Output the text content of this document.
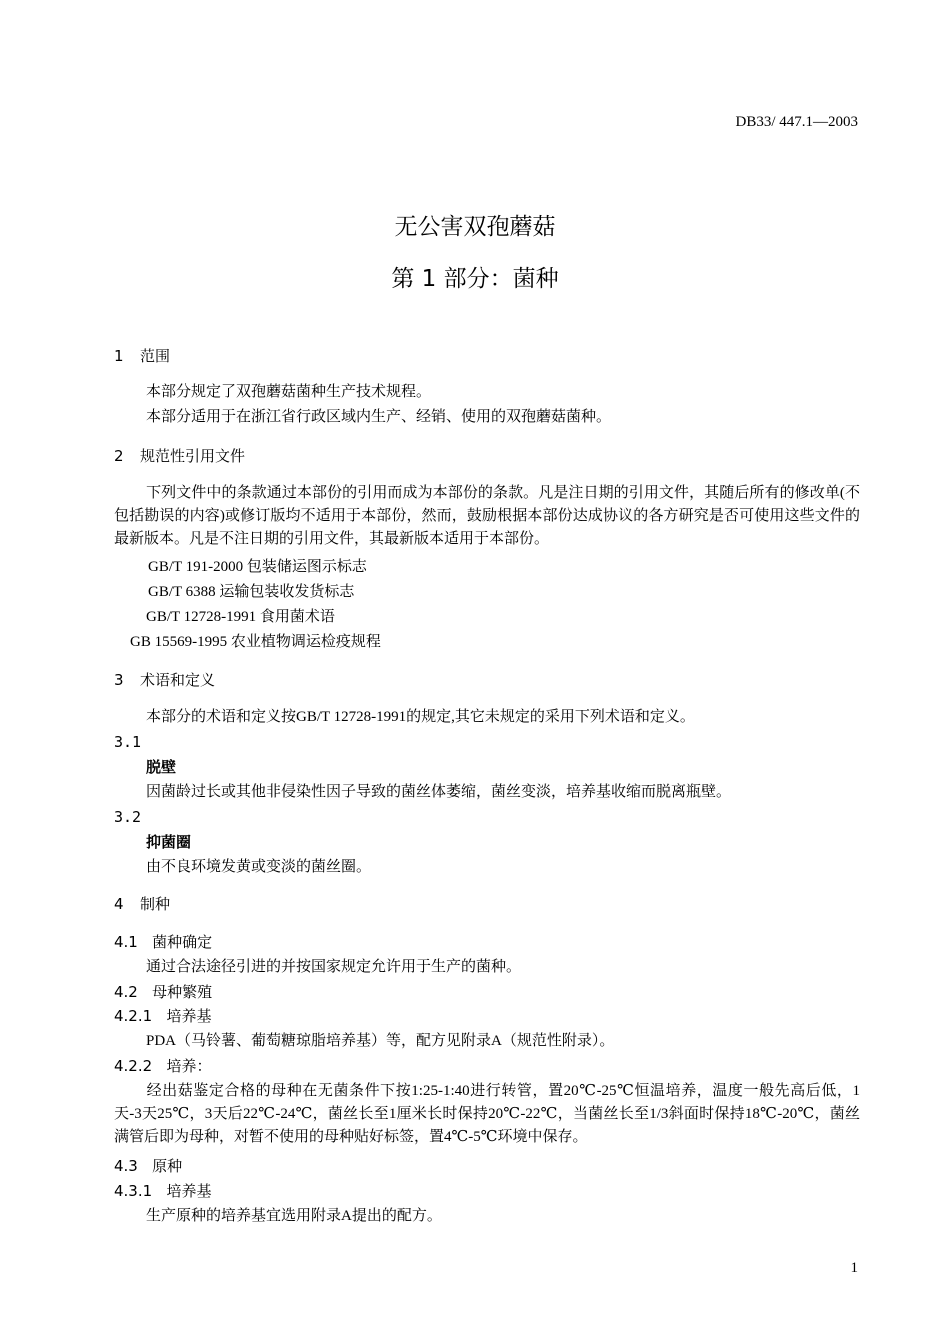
DB33/ 447.1—2003
无公害双孢蘑菇
第 1 部分：菌种
1 范围
本部分规定了双孢蘑菇菌种生产技术规程。
本部分适用于在浙江省行政区域内生产、经销、使用的双孢蘑菇菌种。
2 规范性引用文件
下列文件中的条款通过本部份的引用而成为本部份的条款。凡是注日期的引用文件，其随后所有的修改单(不包括勘误的内容)或修订版均不适用于本部份，然而，鼓励根据本部份达成协议的各方研究是否可使用这些文件的最新版本。凡是不注日期的引用文件，其最新版本适用于本部份。
GB/T 191-2000 包装储运图示标志
GB/T 6388 运输包装收发货标志
GB/T 12728-1991 食用菌术语
GB 15569-1995 农业植物调运检疫规程
3 术语和定义
本部分的术语和定义按GB/T 12728-1991的规定,其它未规定的采用下列术语和定义。
3.1
脱壁
因菌龄过长或其他非侵染性因子导致的菌丝体萎缩，菌丝变淡，培养基收缩而脱离瓶壁。
3.2
抑菌圈
由不良环境发黄或变淡的菌丝圈。
4 制种
4.1   菌种确定
通过合法途径引进的并按国家规定允许用于生产的菌种。
4.2   母种繁殖
4.2.1   培养基
PDA（马铃薯、葡萄糖琼脂培养基）等，配方见附录A（规范性附录）。
4.2.2   培养：
经出菇鉴定合格的母种在无菌条件下按1:25-1:40进行转管，置20℃-25℃恒温培养，温度一般先高后低，1天-3天25℃，3天后22℃-24℃，菌丝长至1厘米长时保持20℃-22℃，当菌丝长至1/3斜面时保持18℃-20℃，菌丝满管后即为母种，对暂不使用的母种贴好标签，置4℃-5℃环境中保存。
4.3   原种
4.3.1   培养基
生产原种的培养基宜选用附录A提出的配方。
1
